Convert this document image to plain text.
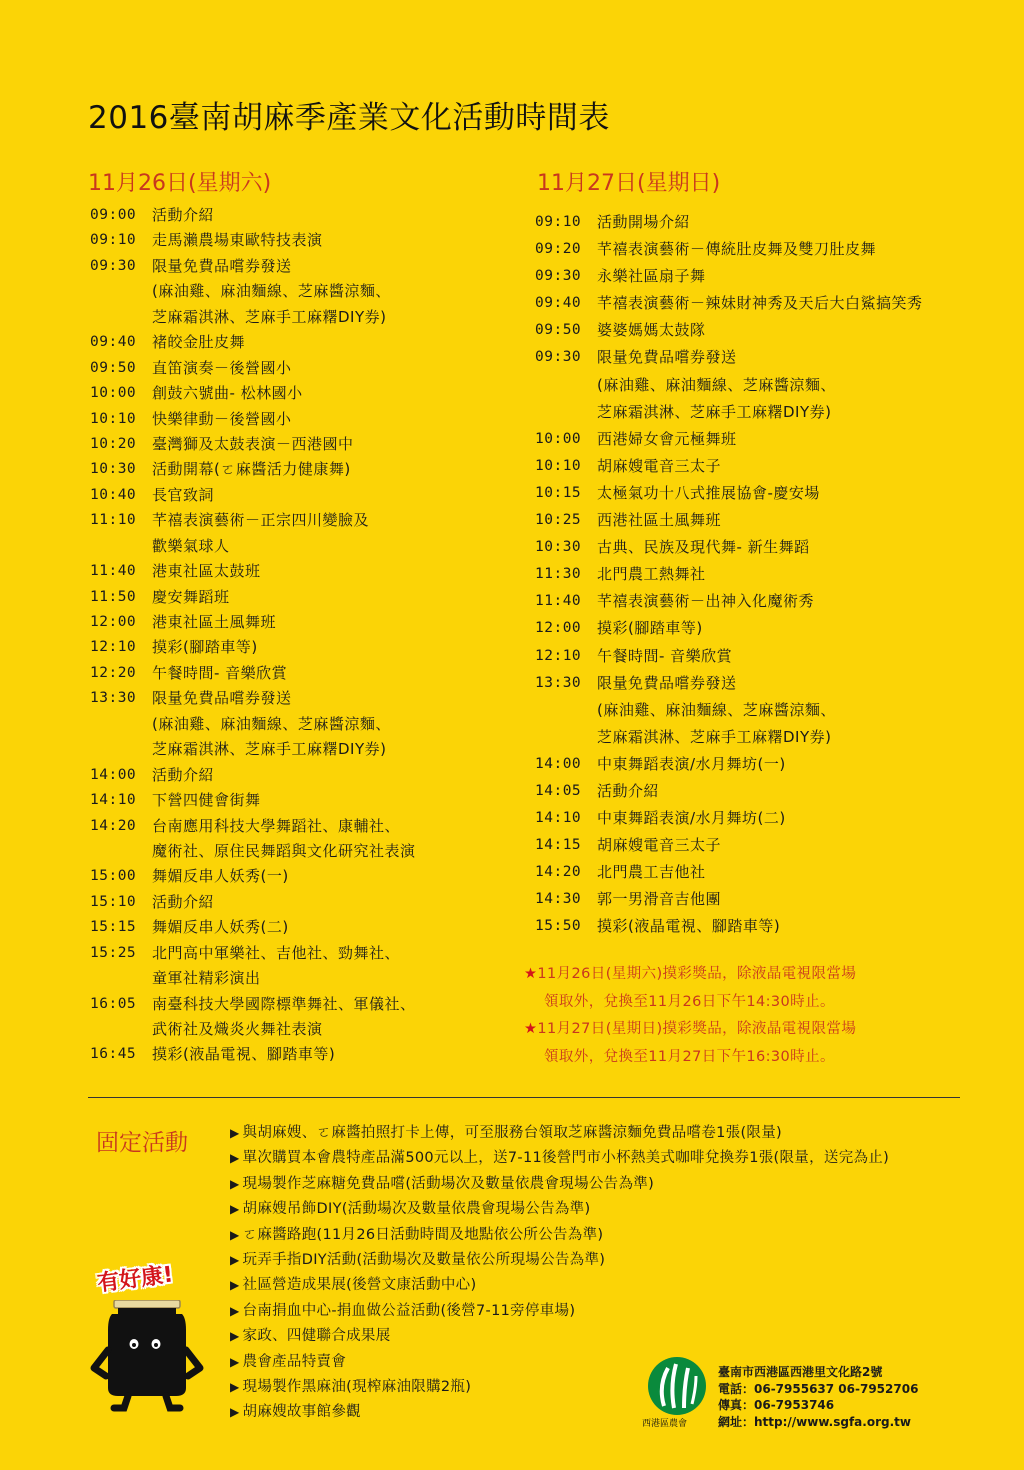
2016臺南胡麻季產業文化活動時間表
11月26日(星期六)	11月27日(星期日)
09:00	活動介紹
09:10	走馬瀨農場東歐特技表演
09:30	限量免費品嚐券發送
(麻油雞、麻油麵線、芝麻醬涼麵、
芝麻霜淇淋、芝麻手工麻糬DIY券)
09:40	褚皎金肚皮舞
09:50	直笛演奏－後營國小
10:00	創鼓六號曲- 松林國小
10:10	快樂律動－後營國小
10:20	臺灣獅及太鼓表演－西港國中
10:30	活動開幕(ㄛ麻醬活力健康舞)
10:40	長官致詞
11:10	芊禧表演藝術－正宗四川變臉及
歡樂氣球人
11:40	港東社區太鼓班
11:50	慶安舞蹈班
12:00	港東社區土風舞班
12:10	摸彩(腳踏車等)
12:20	午餐時間- 音樂欣賞
13:30	限量免費品嚐券發送
(麻油雞、麻油麵線、芝麻醬涼麵、
芝麻霜淇淋、芝麻手工麻糬DIY券)
14:00	活動介紹
14:10	下營四健會街舞
14:20	台南應用科技大學舞蹈社、康輔社、
魔術社、原住民舞蹈與文化研究社表演
15:00	舞媚反串人妖秀(一)
15:10	活動介紹
15:15	舞媚反串人妖秀(二)
15:25	北門高中軍樂社、吉他社、勁舞社、
童軍社精彩演出
16:05	南臺科技大學國際標準舞社、軍儀社、
武術社及熾炎火舞社表演
16:45	摸彩(液晶電視、腳踏車等)
09:10	活動開場介紹
09:20	芊禧表演藝術－傳統肚皮舞及雙刀肚皮舞
09:30	永樂社區扇子舞
09:40	芊禧表演藝術－辣妹財神秀及天后大白鯊搞笑秀
09:50	婆婆媽媽太鼓隊
09:30	限量免費品嚐券發送
(麻油雞、麻油麵線、芝麻醬涼麵、
芝麻霜淇淋、芝麻手工麻糬DIY券)
10:00	西港婦女會元極舞班
10:10	胡麻嫂電音三太子
10:15	太極氣功十八式推展協會-慶安場
10:25	西港社區土風舞班
10:30	古典、民族及現代舞- 新生舞蹈
11:30	北門農工熱舞社
11:40	芊禧表演藝術－出神入化魔術秀
12:00	摸彩(腳踏車等)
12:10	午餐時間- 音樂欣賞
13:30	限量免費品嚐券發送
(麻油雞、麻油麵線、芝麻醬涼麵、
芝麻霜淇淋、芝麻手工麻糬DIY券)
14:00	中東舞蹈表演/水月舞坊(一)
14:05	活動介紹
14:10	中東舞蹈表演/水月舞坊(二)
14:15	胡麻嫂電音三太子
14:20	北門農工吉他社
14:30	郭一男滑音吉他團
15:50	摸彩(液晶電視、腳踏車等)
★11月26日(星期六)摸彩獎品，除液晶電視限當場
領取外，兌換至11月26日下午14:30時止。
★11月27日(星期日)摸彩獎品，除液晶電視限當場
領取外，兌換至11月27日下午16:30時止。
固定活動	▶ 與胡麻嫂、ㄛ麻醬拍照打卡上傳，可至服務台領取芝麻醬涼麵免費品嚐卷1張(限量)
▶ 單次購買本會農特產品滿500元以上，送7-11後營門市小杯熱美式咖啡兌換券1張(限量，送完為止)
▶ 現場製作芝麻糖免費品嚐(活動場次及數量依農會現場公告為準)
▶ 胡麻嫂吊飾DIY(活動場次及數量依農會現場公告為準)
▶ ㄛ麻醬路跑(11月26日活動時間及地點依公所公告為準)
▶ 玩弄手指DIY活動(活動場次及數量依公所現場公告為準)
▶ 社區營造成果展(後營文康活動中心)
▶ 台南捐血中心-捐血做公益活動(後營7-11旁停車場)
▶ 家政、四健聯合成果展
▶ 農會產品特賣會
▶ 現場製作黑麻油(現榨麻油限購2瓶)
▶ 胡麻嫂故事館參觀
有好康!
西港區農會
臺南市西港區西港里文化路2號
電話：06-7955637 06-7952706
傳真：06-7953746
網址：http://www.sgfa.org.tw
